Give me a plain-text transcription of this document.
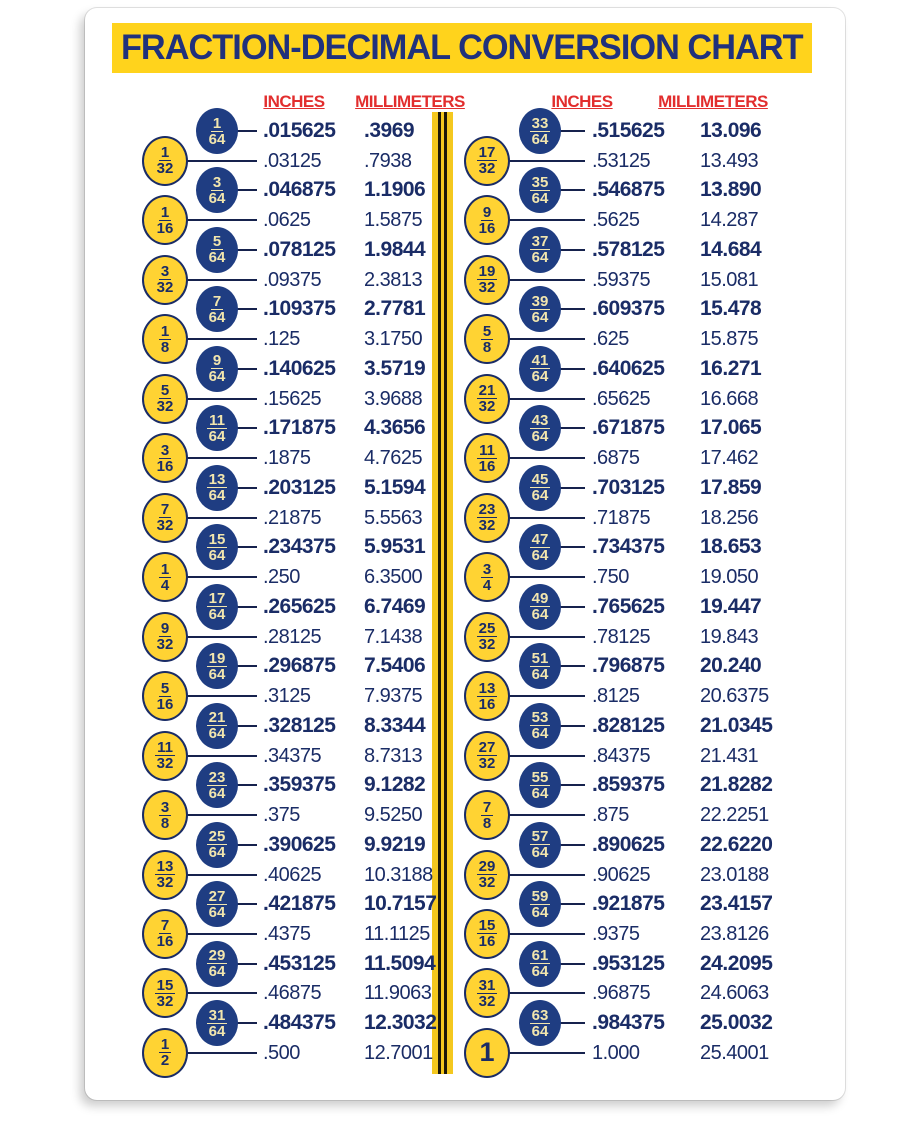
FRACTION-DECIMAL CONVERSION CHART
INCHES MILLIMETERS	INCHES	MILLIMETERS
$\frac{1}{64} .015625$ .3969
$\frac{1}{32}$	.03125 .7938
$\frac{3}{64} .046875$ 1.1906
$\frac{1}{16}$	.0625	1.5875
$\frac{5}{64} .078125$ 1.9844
$\frac{3}{32}$	.09375 2.3813
$\frac{7}{64} .109375$ 2.7781
$\frac{1}{8}$	.125	3.1750
$\frac{9}{64} .140625$ 3.5719
$\frac{5}{32}$	.15625 3.9688
$\frac{11}{64} .171875$ 4.3656
$\frac{3}{16}$	.1875	4.7625
$\frac{13}{64} .203125$ 5.1594
$\frac{7}{32}$	.21875 5.5563
$\frac{15}{64} .234375$ 5.9531
$\frac{1}{4}$	.250	6.3500
$\frac{17}{64} .265625$ 6.7469
$\frac{9}{32}$	.28125 7.1438
$\frac{19}{64} .296875$ 7.5406
$\frac{5}{16}$	.3125	7.9375
$\frac{21}{64} .328125$ 8.3344
$\frac{11}{32}$	.34375 8.7313
$\frac{23}{64} .359375$ 9.1282
$\frac{3}{8}$	.375	9.5250
$\frac{25}{64} .390625$ 9.9219
$\frac{13}{32}$	.40625 10.3188
$\frac{27}{64} .421875$ 10.7157
$\frac{7}{16}$	.4375	11.1125
$\frac{29}{64} .453125$ 11.5094
$\frac{15}{32}$	.46875 11.9063
$\frac{31}{64} .484375$ 12.3032
$\frac{1}{2}$	.500	12.7001
$\frac{33}{64} .515625$ 13.096
$\frac{17}{32}$	.53125 13.493
$\frac{35}{64} .546875$ 13.890
$\frac{9}{16}$	.5625	14.287
$\frac{37}{64} .578125$ 14.684
$\frac{19}{32}$	.59375 15.081
$\frac{39}{64} .609375$ 15.478
$\frac{5}{8}$	.625	15.875
$\frac{41}{64} .640625$ 16.271
$\frac{21}{32}$	.65625 16.668
$\frac{43}{64} .671875$ 17.065
$\frac{11}{16}$	.6875	17.462
$\frac{45}{64} .703125$ 17.859
$\frac{23}{32}$	.71875 18.256
$\frac{47}{64} .734375$ 18.653
$\frac{3}{4}$	.750	19.050
$\frac{49}{64} .765625$ 19.447
$\frac{25}{32}$	.78125 19.843
$\frac{51}{64} .796875$ 20.240
$\frac{13}{16}$	.8125	20.6375
$\frac{53}{64} .828125$ 21.0345
$\frac{27}{32}$	.84375 21.431
$\frac{55}{64} .859375$ 21.8282
$\frac{7}{8}$	.875	22.2251
$\frac{57}{64} .890625$ 22.6220
$\frac{29}{32}$	.90625 23.0188
$\frac{59}{64} .921875$ 23.4157
$\frac{15}{16}$	.9375	23.8126
$\frac{61}{64} .953125$ 24.2095
$\frac{31}{32}$	.96875 24.6063
$\frac{63}{64} .984375$ 25.0032
1	1.000	25.4001
